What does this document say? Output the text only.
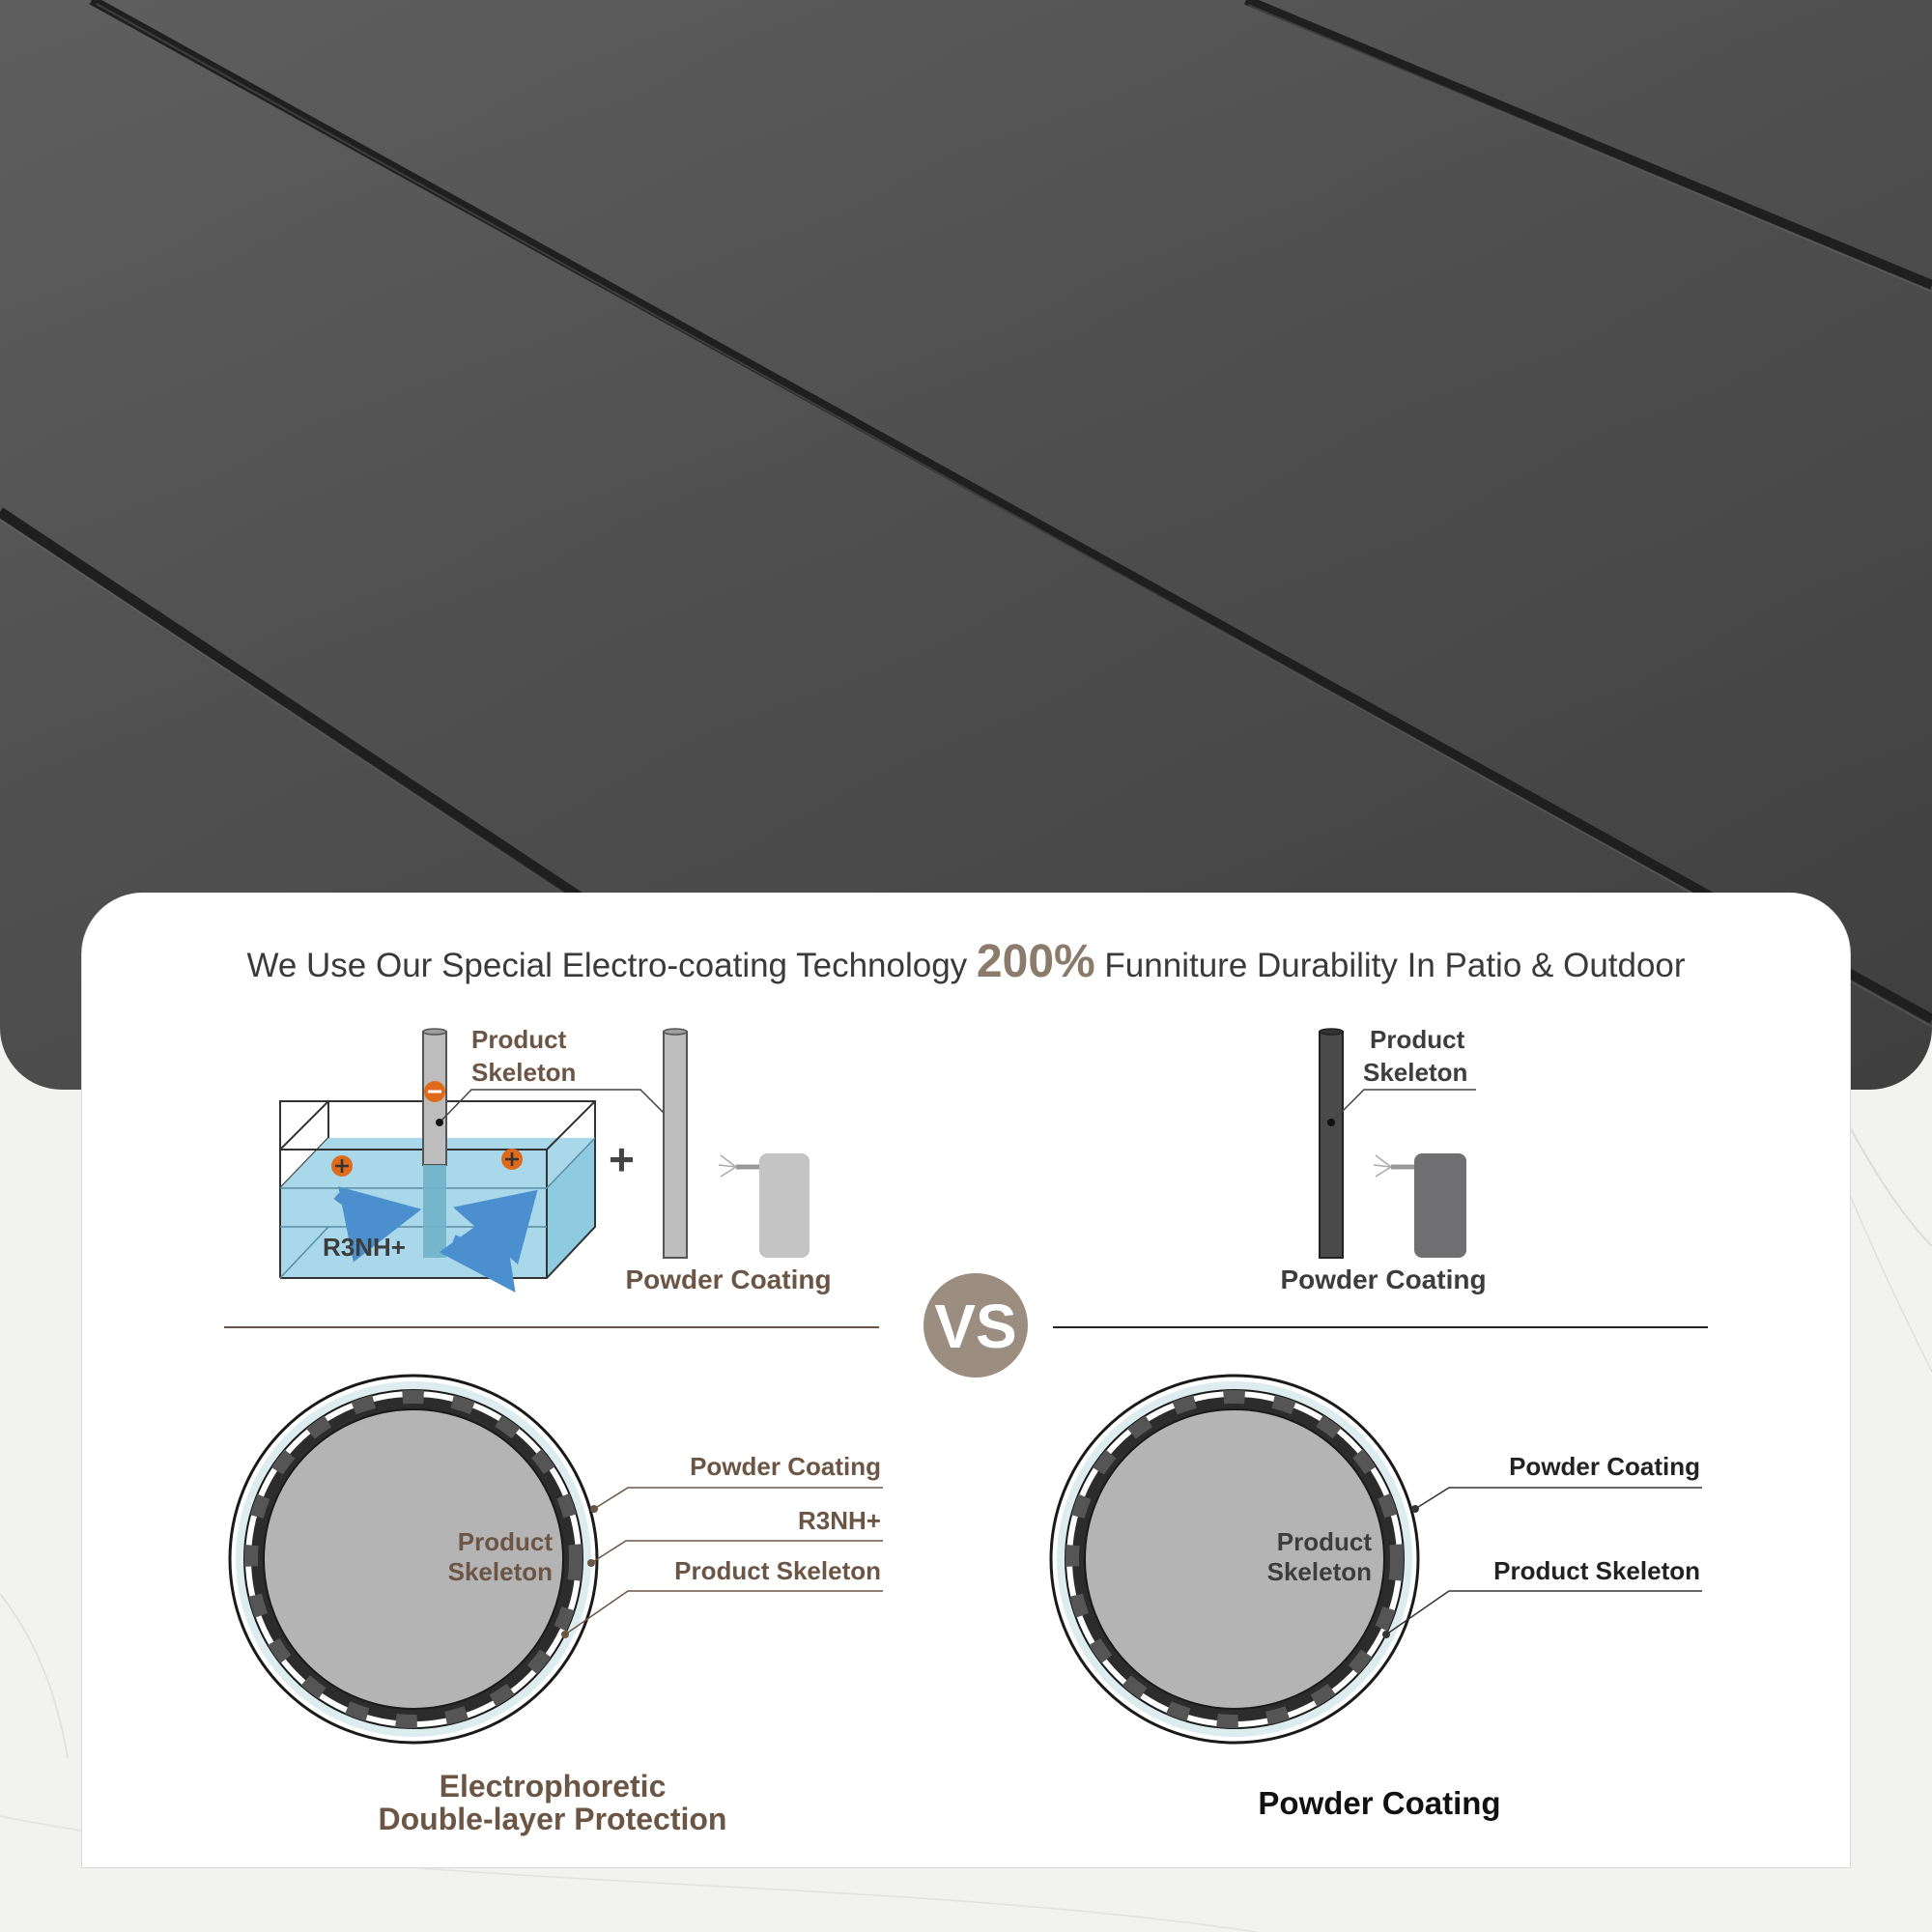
We Use Our Special Electro-coating Technology 200% Funniture Durability In Patio & Outdoor
R3NH+
Product
Skeleton
+
Powder Coating
Product
Skeleton
Powder Coating
VS
Product
Skeleton
Powder Coating
R3NH+
Product Skeleton
Electrophoretic
Double-layer Protection
Product
Skeleton
Powder Coating
Product Skeleton
Powder Coating
